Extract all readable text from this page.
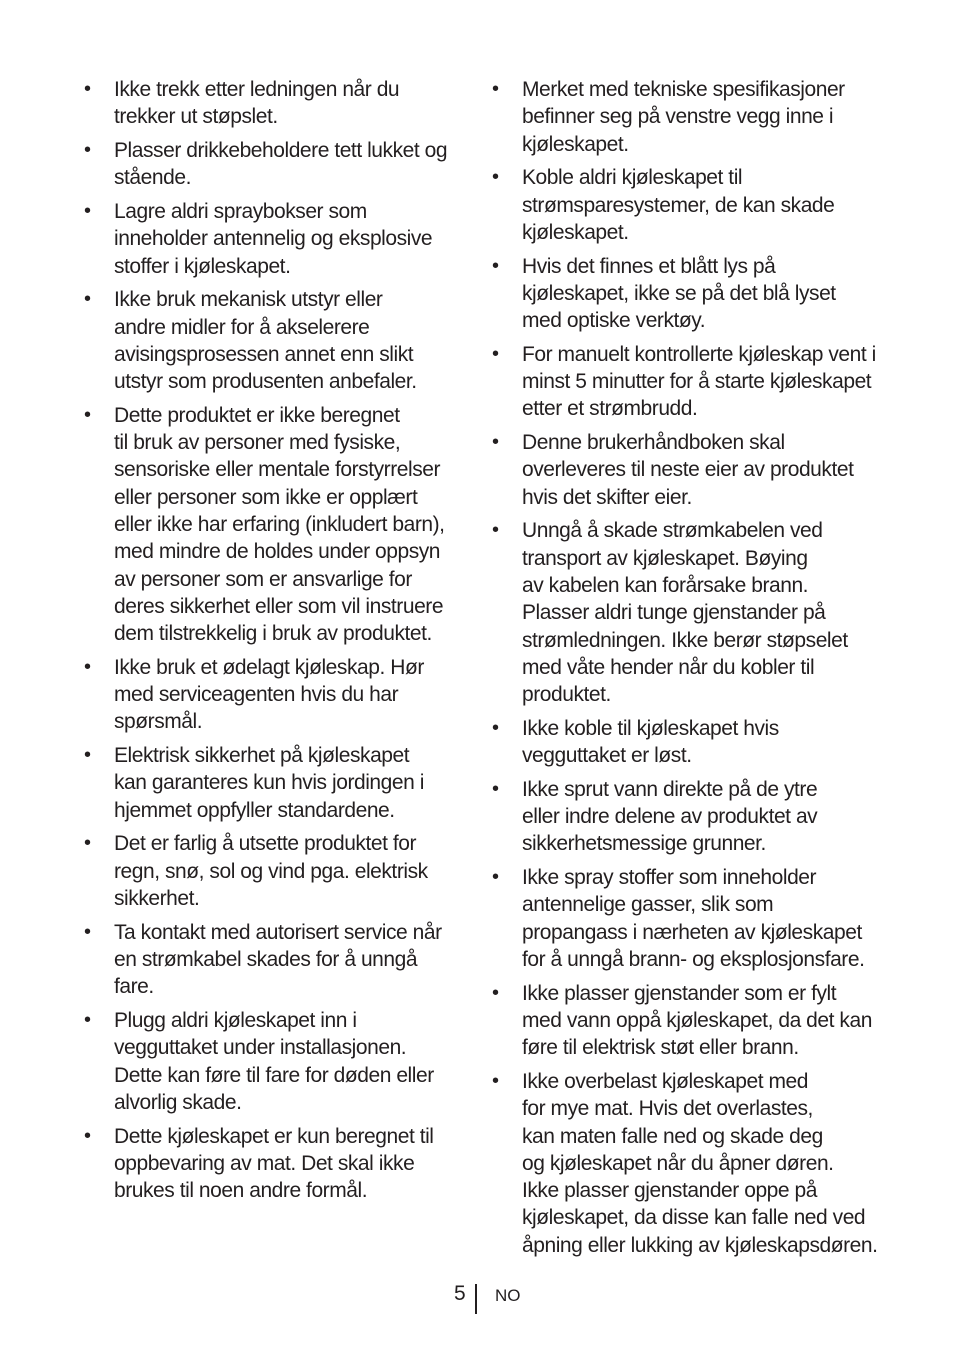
• Ikke trekk etter ledningen når du
trekker ut støpslet.
• Plasser drikkebeholdere tett lukket og
stående.
• Lagre aldri spraybokser som
inneholder antennelig og eksplosive
stoffer i kjøleskapet.
• Ikke bruk mekanisk utstyr eller
andre midler for å akselerere
avisingsprosessen annet enn slikt
utstyr som produsenten anbefaler.
• Dette produktet er ikke beregnet
til bruk av personer med fysiske,
sensoriske eller mentale forstyrrelser
eller personer som ikke er opplært
eller ikke har erfaring (inkludert barn),
med mindre de holdes under oppsyn
av personer som er ansvarlige for
deres sikkerhet eller som vil instruere
dem tilstrekkelig i bruk av produktet.
• Ikke bruk et ødelagt kjøleskap. Hør
med serviceagenten hvis du har
spørsmål.
• Elektrisk sikkerhet på kjøleskapet
kan garanteres kun hvis jordingen i
hjemmet oppfyller standardene.
• Det er farlig å utsette produktet for
regn, snø, sol og vind pga. elektrisk
sikkerhet.
• Ta kontakt med autorisert service når
en strømkabel skades for å unngå
fare.
• Plugg aldri kjøleskapet inn i
vegguttaket under installasjonen.
Dette kan føre til fare for døden eller
alvorlig skade.
• Dette kjøleskapet er kun beregnet til
oppbevaring av mat. Det skal ikke
brukes til noen andre formål.
• Merket med tekniske spesifikasjoner
befinner seg på venstre vegg inne i
kjøleskapet.
• Koble aldri kjøleskapet til
strømsparesystemer, de kan skade
kjøleskapet.
• Hvis det finnes et blått lys på
kjøleskapet, ikke se på det blå lyset
med optiske verktøy.
• For manuelt kontrollerte kjøleskap vent i
minst 5 minutter for å starte kjøleskapet
etter et strømbrudd.
• Denne brukerhåndboken skal
overleveres til neste eier av produktet
hvis det skifter eier.
• Unngå å skade strømkabelen ved
transport av kjøleskapet. Bøying
av kabelen kan forårsake brann.
Plasser aldri tunge gjenstander på
strømledningen. Ikke berør støpselet
med våte hender når du kobler til
produktet.
• Ikke koble til kjøleskapet hvis
vegguttaket er løst.
• Ikke sprut vann direkte på de ytre
eller indre delene av produktet av
sikkerhetsmessige grunner.
• Ikke spray stoffer som inneholder
antennelige gasser, slik som
propangass i nærheten av kjøleskapet
for å unngå brann- og eksplosjonsfare.
• Ikke plasser gjenstander som er fylt
med vann oppå kjøleskapet, da det kan
føre til elektrisk støt eller brann.
• Ikke overbelast kjøleskapet med
for mye mat. Hvis det overlastes,
kan maten falle ned og skade deg
og kjøleskapet når du åpner døren.
Ikke plasser gjenstander oppe på
kjøleskapet, da disse kan falle ned ved
åpning eller lukking av kjøleskapsdøren.
5 NO
